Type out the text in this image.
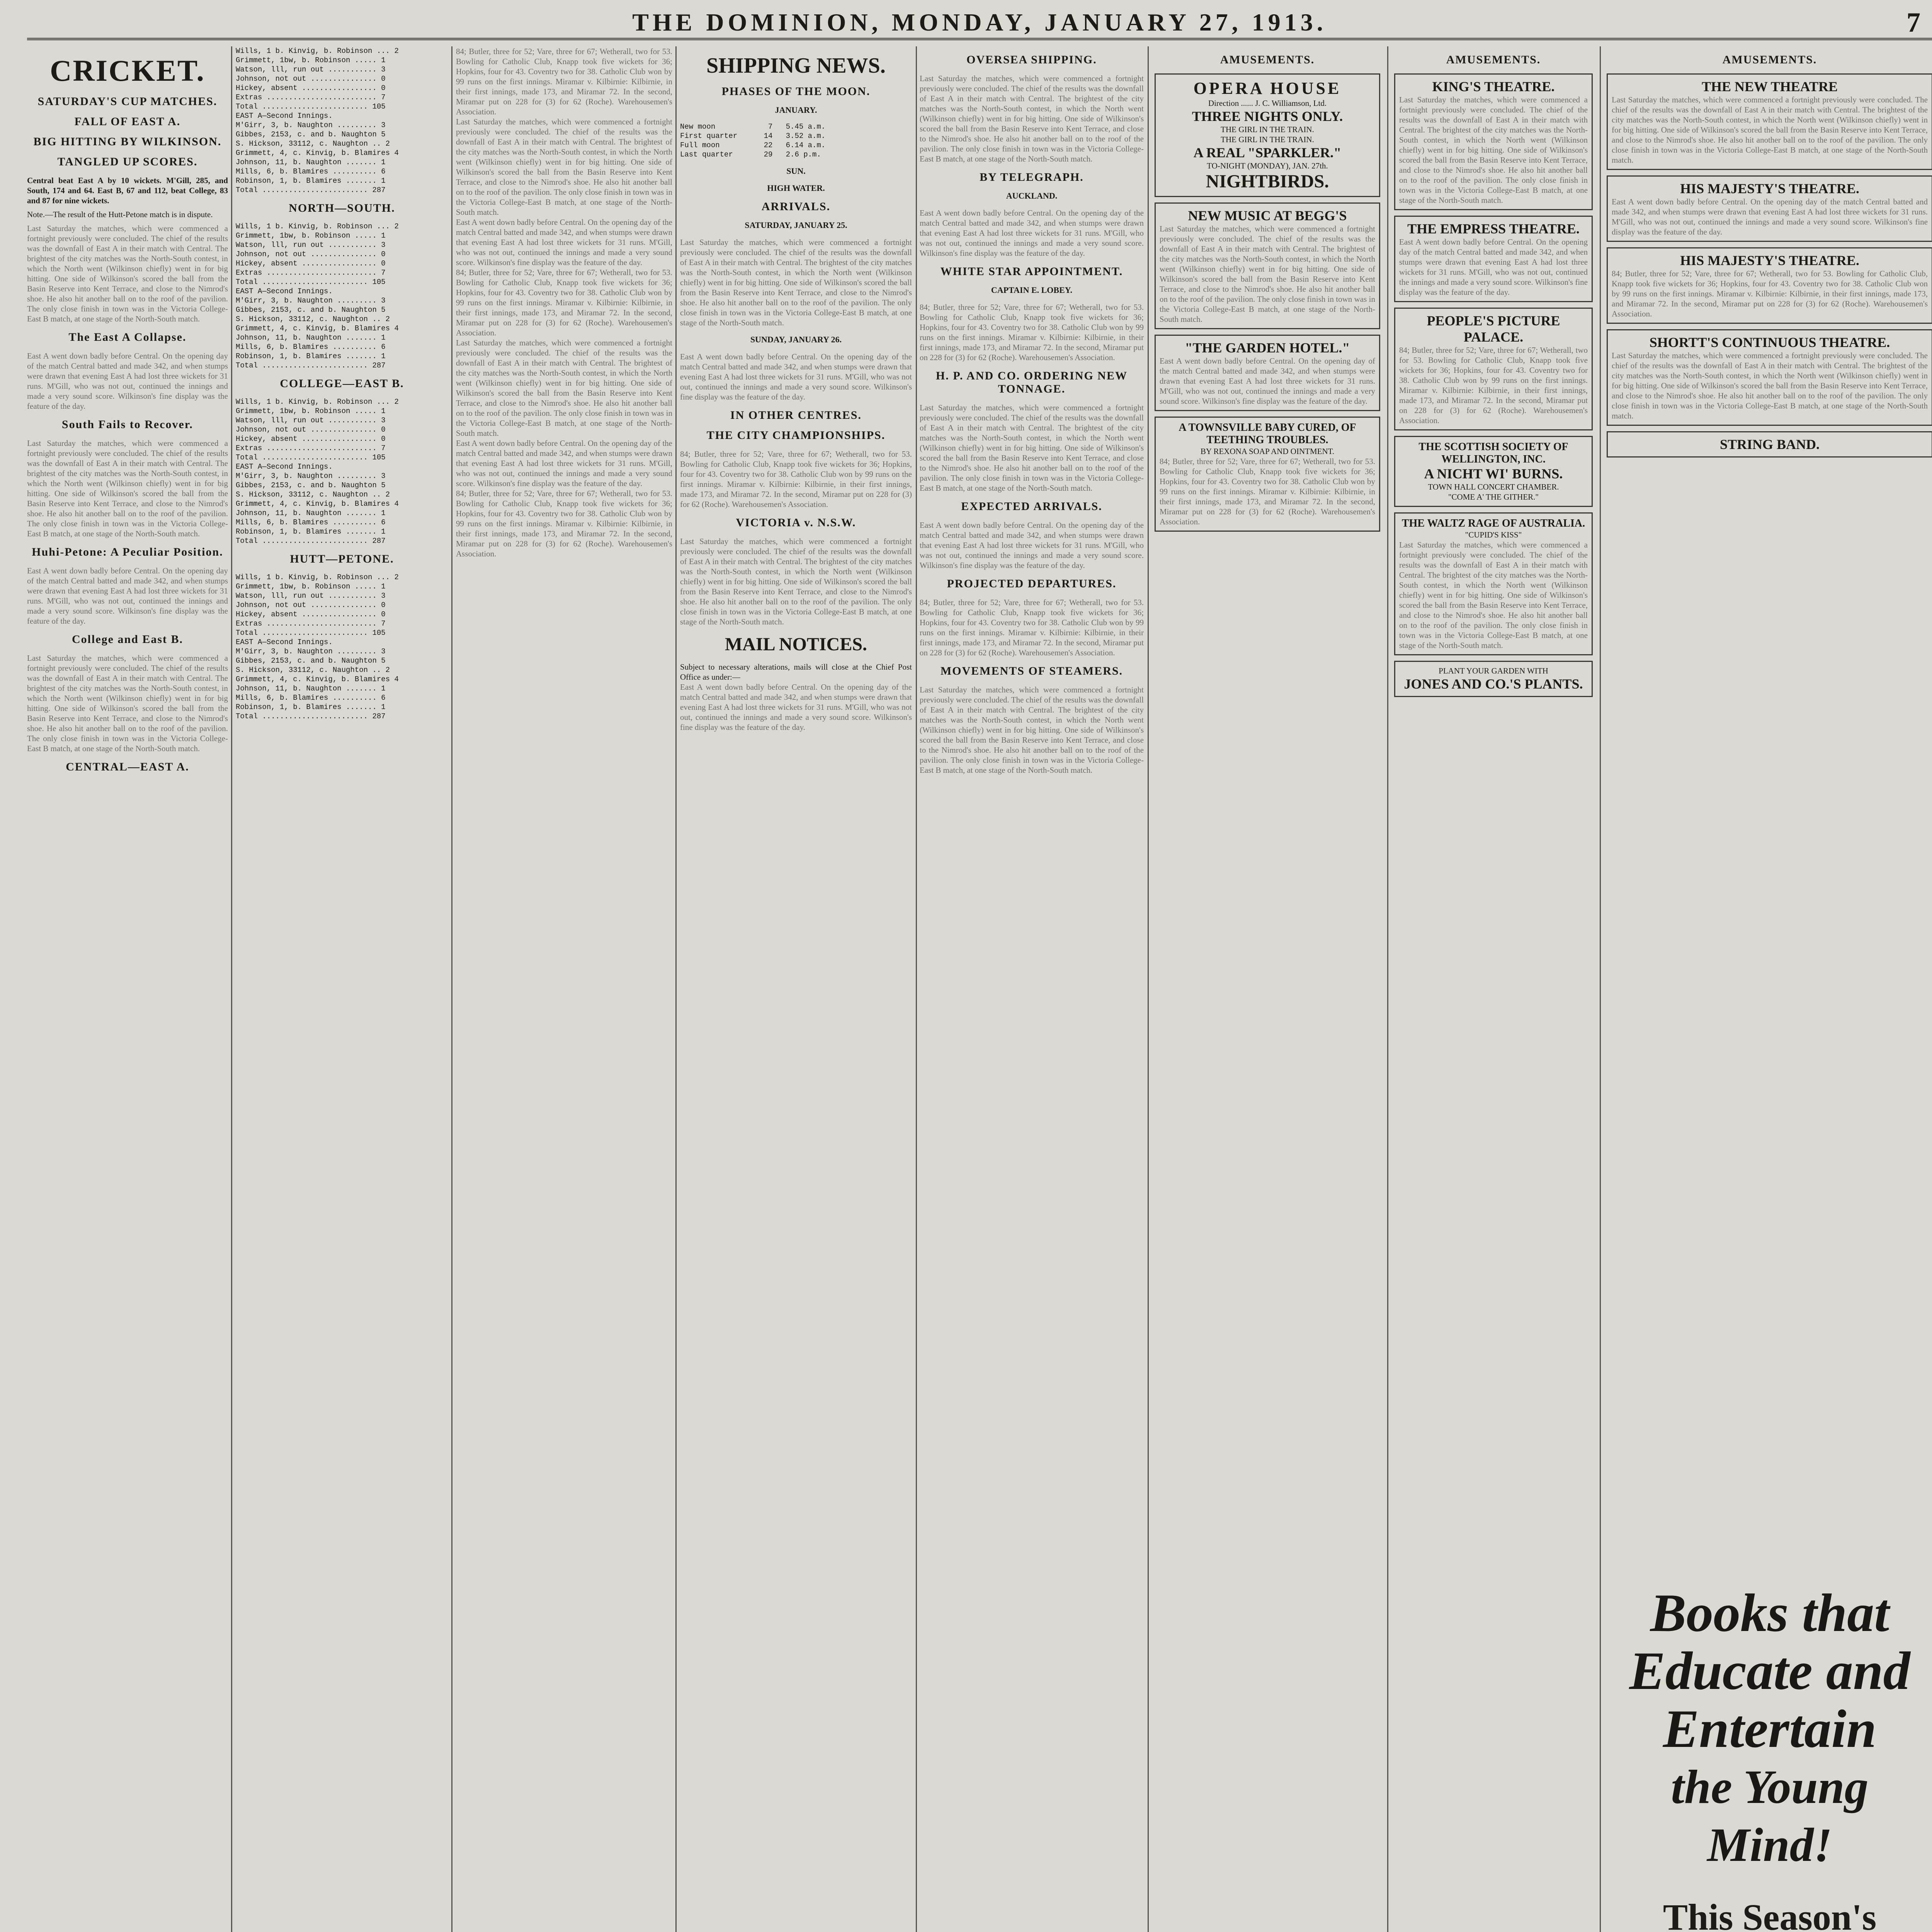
THE DOMINION, MONDAY, JANUARY 27, 1913.	7
CRICKET.
SATURDAY'S CUP MATCHES.
FALL OF EAST A.
BIG HITTING BY WILKINSON.
TANGLED UP SCORES.
Central beat East A by 10 wickets. M'Gill, 285, and South, 174 and 64. East B, 67 and 112, beat College, 83 and 87 for nine wickets.
Note.—The result of the Hutt-Petone match is in dispute.
Last Saturday the matches, which were commenced a fortnight previously were concluded. The chief of the results was the downfall of East A in their match with Central. The brightest of the city matches was the North-South contest, in which the North went (Wilkinson chiefly) went in for big hitting. One side of Wilkinson's scored the ball from the Basin Reserve into Kent Terrace, and close to the Nimrod's shoe. He also hit another ball on to the roof of the pavilion. The only close finish in town was in the Victoria College-East B match, at one stage of the North-South match.
The East A Collapse.
East A went down badly before Central. On the opening day of the match Central batted and made 342, and when stumps were drawn that evening East A had lost three wickets for 31 runs. M'Gill, who was not out, continued the innings and made a very sound score. Wilkinson's fine display was the feature of the day.
South Fails to Recover.
Last Saturday the matches, which were commenced a fortnight previously were concluded. The chief of the results was the downfall of East A in their match with Central. The brightest of the city matches was the North-South contest, in which the North went (Wilkinson chiefly) went in for big hitting. One side of Wilkinson's scored the ball from the Basin Reserve into Kent Terrace, and close to the Nimrod's shoe. He also hit another ball on to the roof of the pavilion. The only close finish in town was in the Victoria College-East B match, at one stage of the North-South match.
Huhi-Petone: A Peculiar Position.
East A went down badly before Central. On the opening day of the match Central batted and made 342, and when stumps were drawn that evening East A had lost three wickets for 31 runs. M'Gill, who was not out, continued the innings and made a very sound score. Wilkinson's fine display was the feature of the day.
College and East B.
Last Saturday the matches, which were commenced a fortnight previously were concluded. The chief of the results was the downfall of East A in their match with Central. The brightest of the city matches was the North-South contest, in which the North went (Wilkinson chiefly) went in for big hitting. One side of Wilkinson's scored the ball from the Basin Reserve into Kent Terrace, and close to the Nimrod's shoe. He also hit another ball on to the roof of the pavilion. The only close finish in town was in the Victoria College-East B match, at one stage of the North-South match.
CENTRAL—EAST A.
Wills, 1 b. Kinvig, b. Robinson ... 2
Grimmett, 1bw, b. Robinson ..... 1
Watson, lll, run out ........... 3
Johnson, not out ............... 0
Hickey, absent ................. 0
Extras ......................... 7
Total ........................ 105
EAST A—Second Innings.
M'Girr, 3, b. Naughton ......... 3
Gibbes, 2153, c. and b. Naughton 5
S. Hickson, 33112, c. Naughton .. 2
Grimmett, 4, c. Kinvig, b. Blamires 4
Johnson, 11, b. Naughton ....... 1
Mills, 6, b. Blamires .......... 6
Robinson, 1, b. Blamires ....... 1
Total ........................ 287
NORTH—SOUTH.
Wills, 1 b. Kinvig, b. Robinson ... 2
Grimmett, 1bw, b. Robinson ..... 1
Watson, lll, run out ........... 3
Johnson, not out ............... 0
Hickey, absent ................. 0
Extras ......................... 7
Total ........................ 105
EAST A—Second Innings.
M'Girr, 3, b. Naughton ......... 3
Gibbes, 2153, c. and b. Naughton 5
S. Hickson, 33112, c. Naughton .. 2
Grimmett, 4, c. Kinvig, b. Blamires 4
Johnson, 11, b. Naughton ....... 1
Mills, 6, b. Blamires .......... 6
Robinson, 1, b. Blamires ....... 1
Total ........................ 287
COLLEGE—EAST B.
Wills, 1 b. Kinvig, b. Robinson ... 2
Grimmett, 1bw, b. Robinson ..... 1
Watson, lll, run out ........... 3
Johnson, not out ............... 0
Hickey, absent ................. 0
Extras ......................... 7
Total ........................ 105
EAST A—Second Innings.
M'Girr, 3, b. Naughton ......... 3
Gibbes, 2153, c. and b. Naughton 5
S. Hickson, 33112, c. Naughton .. 2
Grimmett, 4, c. Kinvig, b. Blamires 4
Johnson, 11, b. Naughton ....... 1
Mills, 6, b. Blamires .......... 6
Robinson, 1, b. Blamires ....... 1
Total ........................ 287
HUTT—PETONE.
Wills, 1 b. Kinvig, b. Robinson ... 2
Grimmett, 1bw, b. Robinson ..... 1
Watson, lll, run out ........... 3
Johnson, not out ............... 0
Hickey, absent ................. 0
Extras ......................... 7
Total ........................ 105
EAST A—Second Innings.
M'Girr, 3, b. Naughton ......... 3
Gibbes, 2153, c. and b. Naughton 5
S. Hickson, 33112, c. Naughton .. 2
Grimmett, 4, c. Kinvig, b. Blamires 4
Johnson, 11, b. Naughton ....... 1
Mills, 6, b. Blamires .......... 6
Robinson, 1, b. Blamires ....... 1
Total ........................ 287
84; Butler, three for 52; Vare, three for 67; Wetherall, two for 53. Bowling for Catholic Club, Knapp took five wickets for 36; Hopkins, four for 43. Coventry two for 38. Catholic Club won by 99 runs on the first innings. Miramar v. Kilbirnie: Kilbirnie, in their first innings, made 173, and Miramar 72. In the second, Miramar put on 228 for (3) for 62 (Roche). Warehousemen's Association.
Last Saturday the matches, which were commenced a fortnight previously were concluded. The chief of the results was the downfall of East A in their match with Central. The brightest of the city matches was the North-South contest, in which the North went (Wilkinson chiefly) went in for big hitting. One side of Wilkinson's scored the ball from the Basin Reserve into Kent Terrace, and close to the Nimrod's shoe. He also hit another ball on to the roof of the pavilion. The only close finish in town was in the Victoria College-East B match, at one stage of the North-South match.
East A went down badly before Central. On the opening day of the match Central batted and made 342, and when stumps were drawn that evening East A had lost three wickets for 31 runs. M'Gill, who was not out, continued the innings and made a very sound score. Wilkinson's fine display was the feature of the day.
84; Butler, three for 52; Vare, three for 67; Wetherall, two for 53. Bowling for Catholic Club, Knapp took five wickets for 36; Hopkins, four for 43. Coventry two for 38. Catholic Club won by 99 runs on the first innings. Miramar v. Kilbirnie: Kilbirnie, in their first innings, made 173, and Miramar 72. In the second, Miramar put on 228 for (3) for 62 (Roche). Warehousemen's Association.
Last Saturday the matches, which were commenced a fortnight previously were concluded. The chief of the results was the downfall of East A in their match with Central. The brightest of the city matches was the North-South contest, in which the North went (Wilkinson chiefly) went in for big hitting. One side of Wilkinson's scored the ball from the Basin Reserve into Kent Terrace, and close to the Nimrod's shoe. He also hit another ball on to the roof of the pavilion. The only close finish in town was in the Victoria College-East B match, at one stage of the North-South match.
East A went down badly before Central. On the opening day of the match Central batted and made 342, and when stumps were drawn that evening East A had lost three wickets for 31 runs. M'Gill, who was not out, continued the innings and made a very sound score. Wilkinson's fine display was the feature of the day.
84; Butler, three for 52; Vare, three for 67; Wetherall, two for 53. Bowling for Catholic Club, Knapp took five wickets for 36; Hopkins, four for 43. Coventry two for 38. Catholic Club won by 99 runs on the first innings. Miramar v. Kilbirnie: Kilbirnie, in their first innings, made 173, and Miramar 72. In the second, Miramar put on 228 for (3) for 62 (Roche). Warehousemen's Association.
SHIPPING NEWS.
PHASES OF THE MOON.
JANUARY.
New moon            7   5.45 a.m.
First quarter      14   3.52 a.m.
Full moon          22   6.14 a.m.
Last quarter       29   2.6 p.m.
SUN.
HIGH WATER.
ARRIVALS.
SATURDAY, JANUARY 25.
Last Saturday the matches, which were commenced a fortnight previously were concluded. The chief of the results was the downfall of East A in their match with Central. The brightest of the city matches was the North-South contest, in which the North went (Wilkinson chiefly) went in for big hitting. One side of Wilkinson's scored the ball from the Basin Reserve into Kent Terrace, and close to the Nimrod's shoe. He also hit another ball on to the roof of the pavilion. The only close finish in town was in the Victoria College-East B match, at one stage of the North-South match.
SUNDAY, JANUARY 26.
East A went down badly before Central. On the opening day of the match Central batted and made 342, and when stumps were drawn that evening East A had lost three wickets for 31 runs. M'Gill, who was not out, continued the innings and made a very sound score. Wilkinson's fine display was the feature of the day.
IN OTHER CENTRES.
THE CITY CHAMPIONSHIPS.
84; Butler, three for 52; Vare, three for 67; Wetherall, two for 53. Bowling for Catholic Club, Knapp took five wickets for 36; Hopkins, four for 43. Coventry two for 38. Catholic Club won by 99 runs on the first innings. Miramar v. Kilbirnie: Kilbirnie, in their first innings, made 173, and Miramar 72. In the second, Miramar put on 228 for (3) for 62 (Roche). Warehousemen's Association.
VICTORIA v. N.S.W.
Last Saturday the matches, which were commenced a fortnight previously were concluded. The chief of the results was the downfall of East A in their match with Central. The brightest of the city matches was the North-South contest, in which the North went (Wilkinson chiefly) went in for big hitting. One side of Wilkinson's scored the ball from the Basin Reserve into Kent Terrace, and close to the Nimrod's shoe. He also hit another ball on to the roof of the pavilion. The only close finish in town was in the Victoria College-East B match, at one stage of the North-South match.
MAIL NOTICES.
Subject to necessary alterations, mails will close at the Chief Post Office as under:—
East A went down badly before Central. On the opening day of the match Central batted and made 342, and when stumps were drawn that evening East A had lost three wickets for 31 runs. M'Gill, who was not out, continued the innings and made a very sound score. Wilkinson's fine display was the feature of the day.
OVERSEA SHIPPING.
Last Saturday the matches, which were commenced a fortnight previously were concluded. The chief of the results was the downfall of East A in their match with Central. The brightest of the city matches was the North-South contest, in which the North went (Wilkinson chiefly) went in for big hitting. One side of Wilkinson's scored the ball from the Basin Reserve into Kent Terrace, and close to the Nimrod's shoe. He also hit another ball on to the roof of the pavilion. The only close finish in town was in the Victoria College-East B match, at one stage of the North-South match.
BY TELEGRAPH.
AUCKLAND.
East A went down badly before Central. On the opening day of the match Central batted and made 342, and when stumps were drawn that evening East A had lost three wickets for 31 runs. M'Gill, who was not out, continued the innings and made a very sound score. Wilkinson's fine display was the feature of the day.
WHITE STAR APPOINTMENT.
CAPTAIN E. LOBEY.
84; Butler, three for 52; Vare, three for 67; Wetherall, two for 53. Bowling for Catholic Club, Knapp took five wickets for 36; Hopkins, four for 43. Coventry two for 38. Catholic Club won by 99 runs on the first innings. Miramar v. Kilbirnie: Kilbirnie, in their first innings, made 173, and Miramar 72. In the second, Miramar put on 228 for (3) for 62 (Roche). Warehousemen's Association.
H. P. AND CO. ORDERING NEW TONNAGE.
Last Saturday the matches, which were commenced a fortnight previously were concluded. The chief of the results was the downfall of East A in their match with Central. The brightest of the city matches was the North-South contest, in which the North went (Wilkinson chiefly) went in for big hitting. One side of Wilkinson's scored the ball from the Basin Reserve into Kent Terrace, and close to the Nimrod's shoe. He also hit another ball on to the roof of the pavilion. The only close finish in town was in the Victoria College-East B match, at one stage of the North-South match.
EXPECTED ARRIVALS.
East A went down badly before Central. On the opening day of the match Central batted and made 342, and when stumps were drawn that evening East A had lost three wickets for 31 runs. M'Gill, who was not out, continued the innings and made a very sound score. Wilkinson's fine display was the feature of the day.
PROJECTED DEPARTURES.
84; Butler, three for 52; Vare, three for 67; Wetherall, two for 53. Bowling for Catholic Club, Knapp took five wickets for 36; Hopkins, four for 43. Coventry two for 38. Catholic Club won by 99 runs on the first innings. Miramar v. Kilbirnie: Kilbirnie, in their first innings, made 173, and Miramar 72. In the second, Miramar put on 228 for (3) for 62 (Roche). Warehousemen's Association.
MOVEMENTS OF STEAMERS.
Last Saturday the matches, which were commenced a fortnight previously were concluded. The chief of the results was the downfall of East A in their match with Central. The brightest of the city matches was the North-South contest, in which the North went (Wilkinson chiefly) went in for big hitting. One side of Wilkinson's scored the ball from the Basin Reserve into Kent Terrace, and close to the Nimrod's shoe. He also hit another ball on to the roof of the pavilion. The only close finish in town was in the Victoria College-East B match, at one stage of the North-South match.
AMUSEMENTS.
OPERA HOUSE
Direction ...... J. C. Williamson, Ltd.
THREE NIGHTS ONLY.
THE GIRL IN THE TRAIN.
THE GIRL IN THE TRAIN.
A REAL "SPARKLER."
TO-NIGHT (MONDAY), JAN. 27th.
NIGHTBIRDS.
NEW MUSIC AT BEGG'S
Last Saturday the matches, which were commenced a fortnight previously were concluded. The chief of the results was the downfall of East A in their match with Central. The brightest of the city matches was the North-South contest, in which the North went (Wilkinson chiefly) went in for big hitting. One side of Wilkinson's scored the ball from the Basin Reserve into Kent Terrace, and close to the Nimrod's shoe. He also hit another ball on to the roof of the pavilion. The only close finish in town was in the Victoria College-East B match, at one stage of the North-South match.
"THE GARDEN HOTEL."
East A went down badly before Central. On the opening day of the match Central batted and made 342, and when stumps were drawn that evening East A had lost three wickets for 31 runs. M'Gill, who was not out, continued the innings and made a very sound score. Wilkinson's fine display was the feature of the day.
A TOWNSVILLE BABY CURED, OF TEETHING TROUBLES.
BY REXONA SOAP AND OINTMENT.
84; Butler, three for 52; Vare, three for 67; Wetherall, two for 53. Bowling for Catholic Club, Knapp took five wickets for 36; Hopkins, four for 43. Coventry two for 38. Catholic Club won by 99 runs on the first innings. Miramar v. Kilbirnie: Kilbirnie, in their first innings, made 173, and Miramar 72. In the second, Miramar put on 228 for (3) for 62 (Roche). Warehousemen's Association.
AMUSEMENTS.
KING'S THEATRE.
Last Saturday the matches, which were commenced a fortnight previously were concluded. The chief of the results was the downfall of East A in their match with Central. The brightest of the city matches was the North-South contest, in which the North went (Wilkinson chiefly) went in for big hitting. One side of Wilkinson's scored the ball from the Basin Reserve into Kent Terrace, and close to the Nimrod's shoe. He also hit another ball on to the roof of the pavilion. The only close finish in town was in the Victoria College-East B match, at one stage of the North-South match.
THE EMPRESS THEATRE.
East A went down badly before Central. On the opening day of the match Central batted and made 342, and when stumps were drawn that evening East A had lost three wickets for 31 runs. M'Gill, who was not out, continued the innings and made a very sound score. Wilkinson's fine display was the feature of the day.
PEOPLE'S PICTURE PALACE.
84; Butler, three for 52; Vare, three for 67; Wetherall, two for 53. Bowling for Catholic Club, Knapp took five wickets for 36; Hopkins, four for 43. Coventry two for 38. Catholic Club won by 99 runs on the first innings. Miramar v. Kilbirnie: Kilbirnie, in their first innings, made 173, and Miramar 72. In the second, Miramar put on 228 for (3) for 62 (Roche). Warehousemen's Association.
THE SCOTTISH SOCIETY OF WELLINGTON, INC.
A NICHT WI' BURNS.
TOWN HALL CONCERT CHAMBER.
"COME A' THE GITHER."
THE WALTZ RAGE OF AUSTRALIA.
"CUPID'S KISS"
Last Saturday the matches, which were commenced a fortnight previously were concluded. The chief of the results was the downfall of East A in their match with Central. The brightest of the city matches was the North-South contest, in which the North went (Wilkinson chiefly) went in for big hitting. One side of Wilkinson's scored the ball from the Basin Reserve into Kent Terrace, and close to the Nimrod's shoe. He also hit another ball on to the roof of the pavilion. The only close finish in town was in the Victoria College-East B match, at one stage of the North-South match.
PLANT YOUR GARDEN WITH
JONES AND CO.'S PLANTS.
AMUSEMENTS.
THE NEW THEATRE
Last Saturday the matches, which were commenced a fortnight previously were concluded. The chief of the results was the downfall of East A in their match with Central. The brightest of the city matches was the North-South contest, in which the North went (Wilkinson chiefly) went in for big hitting. One side of Wilkinson's scored the ball from the Basin Reserve into Kent Terrace, and close to the Nimrod's shoe. He also hit another ball on to the roof of the pavilion. The only close finish in town was in the Victoria College-East B match, at one stage of the North-South match.
HIS MAJESTY'S THEATRE.
East A went down badly before Central. On the opening day of the match Central batted and made 342, and when stumps were drawn that evening East A had lost three wickets for 31 runs. M'Gill, who was not out, continued the innings and made a very sound score. Wilkinson's fine display was the feature of the day.
HIS MAJESTY'S THEATRE.
84; Butler, three for 52; Vare, three for 67; Wetherall, two for 53. Bowling for Catholic Club, Knapp took five wickets for 36; Hopkins, four for 43. Coventry two for 38. Catholic Club won by 99 runs on the first innings. Miramar v. Kilbirnie: Kilbirnie, in their first innings, made 173, and Miramar 72. In the second, Miramar put on 228 for (3) for 62 (Roche). Warehousemen's Association.
SHORTT'S CONTINUOUS THEATRE.
Last Saturday the matches, which were commenced a fortnight previously were concluded. The chief of the results was the downfall of East A in their match with Central. The brightest of the city matches was the North-South contest, in which the North went (Wilkinson chiefly) went in for big hitting. One side of Wilkinson's scored the ball from the Basin Reserve into Kent Terrace, and close to the Nimrod's shoe. He also hit another ball on to the roof of the pavilion. The only close finish in town was in the Victoria College-East B match, at one stage of the North-South match.
STRING BAND.
Books that
Educate and
Entertain
the Young Mind!
This Season's
